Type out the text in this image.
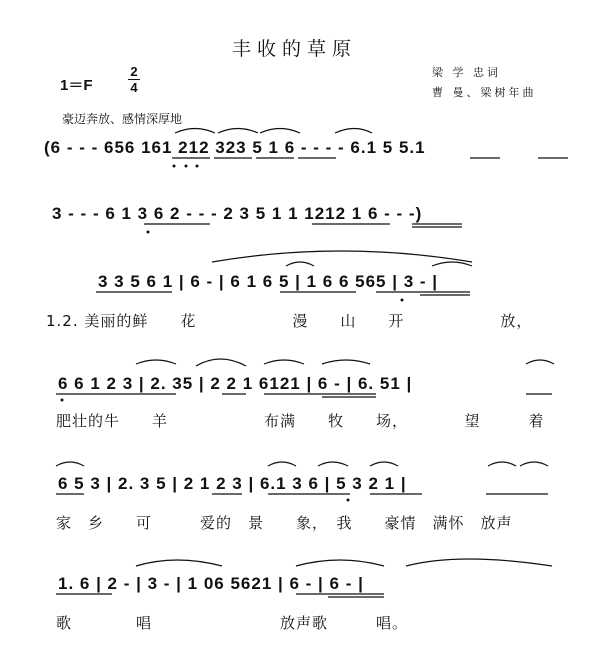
丰收的草原
梁 学 忠词
曹 曼、梁树年曲
1＝F
2
4
豪迈奔放、感情深厚地
(6 - - - 656 161 212 323 5 1 6 - - - - 6.1 5 5.1
3 - - - 6 1 3 6 2 - - - 2 3 5 1 1 1212 1 6 - - -)
3 3 5 6 1 | 6 - | 6 1 6 5 | 1 6 6 565 | 3 - |
1.2. 美丽的鲜　　花　　　　　　漫　　山　　开　　　　　　放，
6 6 1 2 3 | 2. 35 | 2 2 1 6121 | 6 - | 6. 51 |
肥壮的牛　　羊　　　　　　布满　　牧　　场，　　　　望　　　着
6 5 3 | 2. 3 5 | 2 1 2 3 | 6.1 3 6 | 5 3 2 1 |
家　乡　　可　　　爱的　景　　象，　我　　豪情　满怀　放声
1. 6 | 2 - | 3 - | 1 06 5621 | 6 - | 6 - |
歌　　　　唱　　　　　　　　放声歌　　　唱。
